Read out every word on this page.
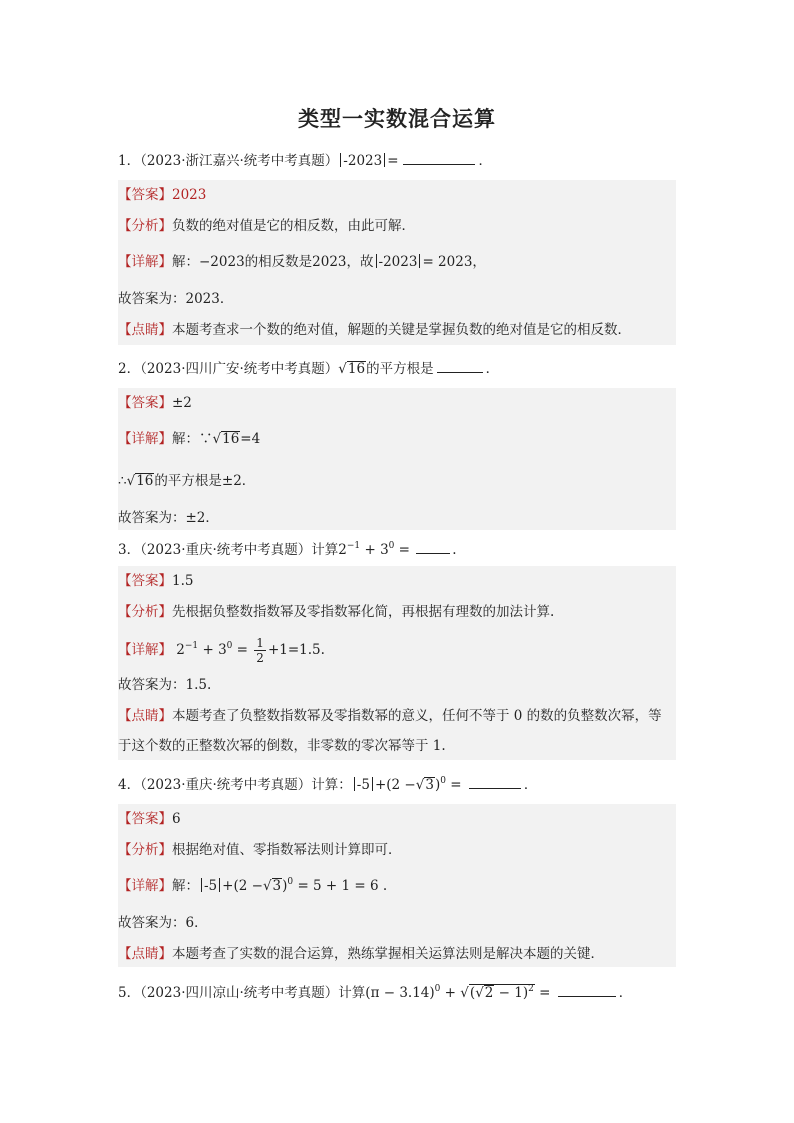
类型一实数混合运算
1．（2023·浙江嘉兴·统考中考真题） -2023 =	．
【答案】2023
【分析】负数的绝对值是它的相反数，由此可解．
【详解】解：−2023的相反数是2023，故 -2023 = 2023，
故答案为：2023．
【点睛】本题考查求一个数的绝对值，解题的关键是掌握负数的绝对值是它的相反数．
2．（2023·四川广安·统考中考真题）√16的平方根是	．
【答案】±2
【详解】解：∵√16=4
∴√16的平方根是±2．
故答案为：±2．
3．（2023·重庆·统考中考真题）计算$2^{-1} + 3^0$ =	.
【答案】1.5
【分析】先根据负整数指数幂及零指数幂化简，再根据有理数的加法计算.
【详解】 $2^{-1} + 3^0 = \frac{1}{2} +1=1.5$.
故答案为：1.5.
【点睛】本题考查了负整数指数幂及零指数幂的意义，任何不等于 0 的数的负整数次幂，等
于这个数的正整数次幂的倒数，非零数的零次幂等于 1.
4．（2023·重庆·统考中考真题）计算： $-5 +(2 -√3)^0$ =	．
【答案】6
【分析】根据绝对值、零指数幂法则计算即可．
【详解】解： $-5 +(2 -√3)^0 = 5 + 1 = 6$ .
故答案为：6．
【点睛】本题考查了实数的混合运算，熟练掌握相关运算法则是解决本题的关键．
5．（2023·四川凉山·统考中考真题）计算$(\pi - 3.14)^0 + √(√2 - 1)^2$ =	．
